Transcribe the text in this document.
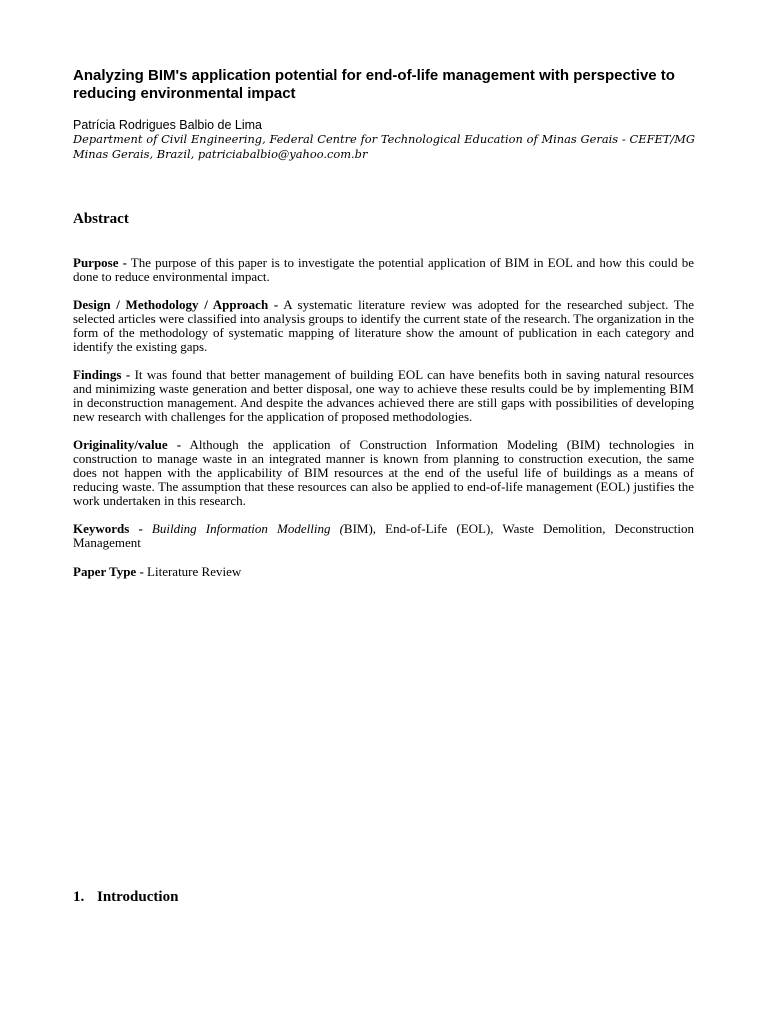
Analyzing BIM's application potential for end-of-life management with perspective to reducing environmental impact

Patrícia Rodrigues Balbio de Lima

Department of Civil Engineering, Federal Centre for Technological Education of Minas Gerais - CEFET/MG Minas Gerais, Brazil, patriciabalbio@yahoo.com.br

Abstract

Purpose - The purpose of this paper is to investigate the potential application of BIM in EOL and how this could be done to reduce environmental impact.

Design / Methodology / Approach - A systematic literature review was adopted for the researched subject. The selected articles were classified into analysis groups to identify the current state of the research. The organization in the form of the methodology of systematic mapping of literature show the amount of publication in each category and identify the existing gaps.

Findings - It was found that better management of building EOL can have benefits both in saving natural resources and minimizing waste generation and better disposal, one way to achieve these results could be by implementing BIM in deconstruction management. And despite the advances achieved there are still gaps with possibilities of developing new research with challenges for the application of proposed methodologies.

Originality/value - Although the application of Construction Information Modeling (BIM) technologies in construction to manage waste in an integrated manner is known from planning to construction execution, the same does not happen with the applicability of BIM resources at the end of the useful life of buildings as a means of reducing waste. The assumption that these resources can also be applied to end-of-life management (EOL) justifies the work undertaken in this research.

Keywords - Building Information Modelling (BIM), End-of-Life (EOL), Waste Demolition, Deconstruction Management

Paper Type - Literature Review

1. Introduction
